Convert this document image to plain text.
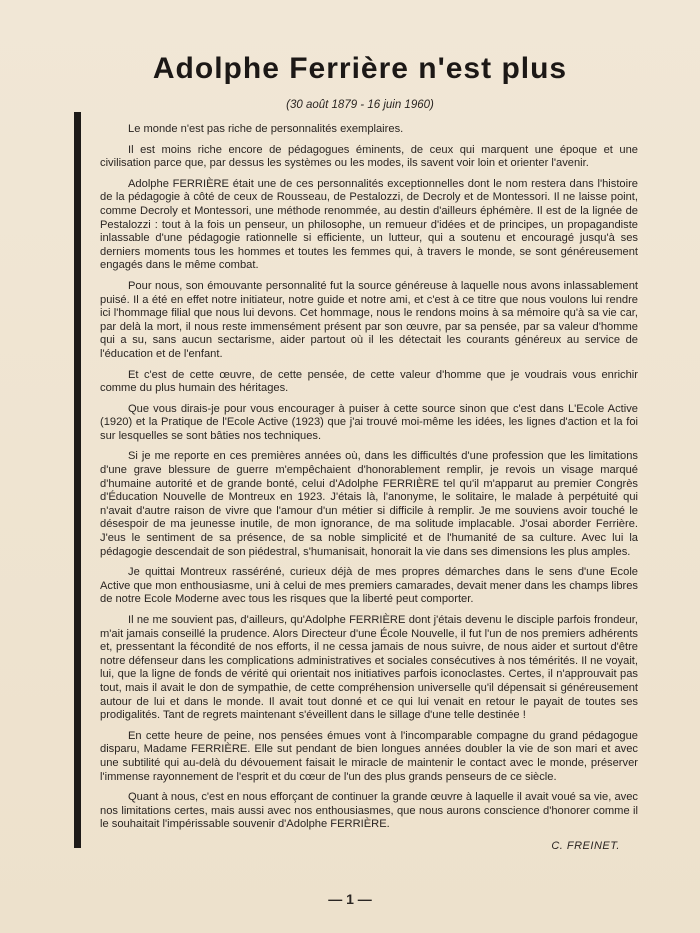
Adolphe Ferrière n'est plus
(30 août 1879 - 16 juin 1960)

Le monde n'est pas riche de personnalités exemplaires.

Il est moins riche encore de pédagogues éminents, de ceux qui marquent une époque et une civilisation parce que, par dessus les systèmes ou les modes, ils savent voir loin et orienter l'avenir.

Adolphe FERRIÈRE était une de ces personnalités exceptionnelles dont le nom restera dans l'histoire de la pédagogie à côté de ceux de Rousseau, de Pestalozzi, de Decroly et de Montessori. Il ne laisse point, comme Decroly et Montessori, une méthode renommée, au destin d'ailleurs éphémère. Il est de la lignée de Pestalozzi : tout à la fois un penseur, un philosophe, un remueur d'idées et de principes, un propagandiste inlassable d'une pédagogie rationnelle si efficiente, un lutteur, qui a soutenu et encouragé jusqu'à ses derniers moments tous les hommes et toutes les femmes qui, à travers le monde, se sont généreusement engagés dans le même combat.

Pour nous, son émouvante personnalité fut la source généreuse à laquelle nous avons inlassablement puisé. Il a été en effet notre initiateur, notre guide et notre ami, et c'est à ce titre que nous voulons lui rendre ici l'hommage filial que nous lui devons. Cet hommage, nous le rendons moins à sa mémoire qu'à sa vie car, par delà la mort, il nous reste immensément présent par son œuvre, par sa pensée, par sa valeur d'homme qui a su, sans aucun sectarisme, aider partout où il les détectait les courants généreux au service de l'éducation et de l'enfant.

Et c'est de cette œuvre, de cette pensée, de cette valeur d'homme que je voudrais vous enrichir comme du plus humain des héritages.

Que vous dirais-je pour vous encourager à puiser à cette source sinon que c'est dans L'Ecole Active (1920) et la Pratique de l'Ecole Active (1923) que j'ai trouvé moi-même les idées, les lignes d'action et la foi sur lesquelles se sont bâties nos techniques.

Si je me reporte en ces premières années où, dans les difficultés d'une profession que les limitations d'une grave blessure de guerre m'empêchaient d'honorablement remplir, je revois un visage marqué d'humaine autorité et de grande bonté, celui d'Adolphe FERRIÈRE tel qu'il m'apparut au premier Congrès d'Éducation Nouvelle de Montreux en 1923. J'étais là, l'anonyme, le solitaire, le malade à perpétuité qui n'avait d'autre raison de vivre que l'amour d'un métier si difficile à remplir. Je me souviens avoir touché le désespoir de ma jeunesse inutile, de mon ignorance, de ma solitude implacable. J'osai aborder Ferrière. J'eus le sentiment de sa présence, de sa noble simplicité et de l'humanité de sa culture. Avec lui la pédagogie descendait de son piédestral, s'humanisait, honorait la vie dans ses dimensions les plus amples.

Je quittai Montreux rasséréné, curieux déjà de mes propres démarches dans le sens d'une Ecole Active que mon enthousiasme, uni à celui de mes premiers camarades, devait mener dans les champs libres de notre Ecole Moderne avec tous les risques que la liberté peut comporter.

Il ne me souvient pas, d'ailleurs, qu'Adolphe FERRIÈRE dont j'étais devenu le disciple parfois frondeur, m'ait jamais conseillé la prudence. Alors Directeur d'une École Nouvelle, il fut l'un de nos premiers adhérents et, pressentant la fécondité de nos efforts, il ne cessa jamais de nous suivre, de nous aider et surtout d'être notre défenseur dans les complications administratives et sociales consécutives à nos témérités. Il ne voyait, lui, que la ligne de fonds de vérité qui orientait nos initiatives parfois iconoclastes. Certes, il n'approuvait pas tout, mais il avait le don de sympathie, de cette compréhension universelle qu'il dépensait si généreusement autour de lui et dans le monde. Il avait tout donné et ce qui lui venait en retour le payait de toutes ses prodigalités. Tant de regrets maintenant s'éveillent dans le sillage d'une telle destinée !

En cette heure de peine, nos pensées émues vont à l'incomparable compagne du grand pédagogue disparu, Madame FERRIÈRE. Elle sut pendant de bien longues années doubler la vie de son mari et avec une subtilité qui au-delà du dévouement faisait le miracle de maintenir le contact avec le monde, préserver l'immense rayonnement de l'esprit et du cœur de l'un des plus grands penseurs de ce siècle.

Quant à nous, c'est en nous efforçant de continuer la grande œuvre à laquelle il avait voué sa vie, avec nos limitations certes, mais aussi avec nos enthousiasmes, que nous aurons conscience d'honorer comme il le souhaitait l'impérissable souvenir d'Adolphe FERRIÈRE.

C. FREINET.
— 1 —
